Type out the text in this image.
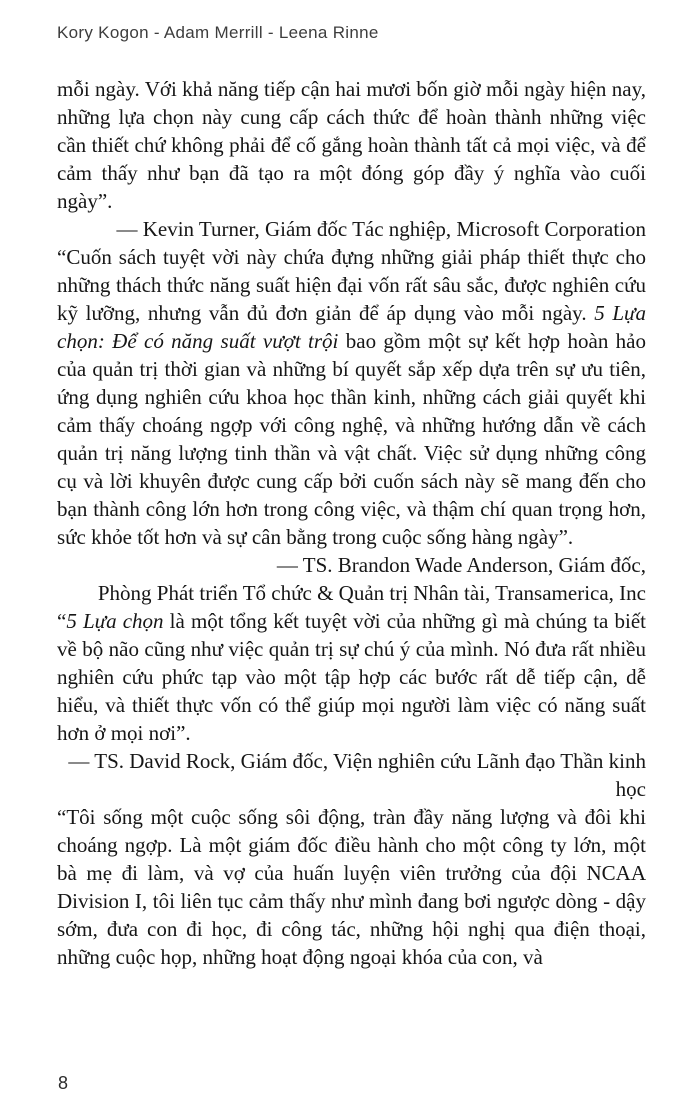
Kory Kogon - Adam Merrill - Leena Rinne

mỗi ngày. Với khả năng tiếp cận hai mươi bốn giờ mỗi ngày hiện nay, những lựa chọn này cung cấp cách thức để hoàn thành những việc cần thiết chứ không phải để cố gắng hoàn thành tất cả mọi việc, và để cảm thấy như bạn đã tạo ra một đóng góp đầy ý nghĩa vào cuối ngày”.

— Kevin Turner, Giám đốc Tác nghiệp, Microsoft Corporation

“Cuốn sách tuyệt vời này chứa đựng những giải pháp thiết thực cho những thách thức năng suất hiện đại vốn rất sâu sắc, được nghiên cứu kỹ lưỡng, nhưng vẫn đủ đơn giản để áp dụng vào mỗi ngày. 5 Lựa chọn: Để có năng suất vượt trội bao gồm một sự kết hợp hoàn hảo của quản trị thời gian và những bí quyết sắp xếp dựa trên sự ưu tiên, ứng dụng nghiên cứu khoa học thần kinh, những cách giải quyết khi cảm thấy choáng ngợp với công nghệ, và những hướng dẫn về cách quản trị năng lượng tinh thần và vật chất. Việc sử dụng những công cụ và lời khuyên được cung cấp bởi cuốn sách này sẽ mang đến cho bạn thành công lớn hơn trong công việc, và thậm chí quan trọng hơn, sức khỏe tốt hơn và sự cân bằng trong cuộc sống hàng ngày”.

— TS. Brandon Wade Anderson, Giám đốc,
Phòng Phát triển Tổ chức & Quản trị Nhân tài, Transamerica, Inc

“5 Lựa chọn là một tổng kết tuyệt vời của những gì mà chúng ta biết về bộ não cũng như việc quản trị sự chú ý của mình. Nó đưa rất nhiều nghiên cứu phức tạp vào một tập hợp các bước rất dễ tiếp cận, dễ hiểu, và thiết thực vốn có thể giúp mọi người làm việc có năng suất hơn ở mọi nơi”.

— TS. David Rock, Giám đốc, Viện nghiên cứu Lãnh đạo Thần kinh học

“Tôi sống một cuộc sống sôi động, tràn đầy năng lượng và đôi khi choáng ngợp. Là một giám đốc điều hành cho một công ty lớn, một bà mẹ đi làm, và vợ của huấn luyện viên trưởng của đội NCAA Division I, tôi liên tục cảm thấy như mình đang bơi ngược dòng - dậy sớm, đưa con đi học, đi công tác, những hội nghị qua điện thoại, những cuộc họp, những hoạt động ngoại khóa của con, và

8
